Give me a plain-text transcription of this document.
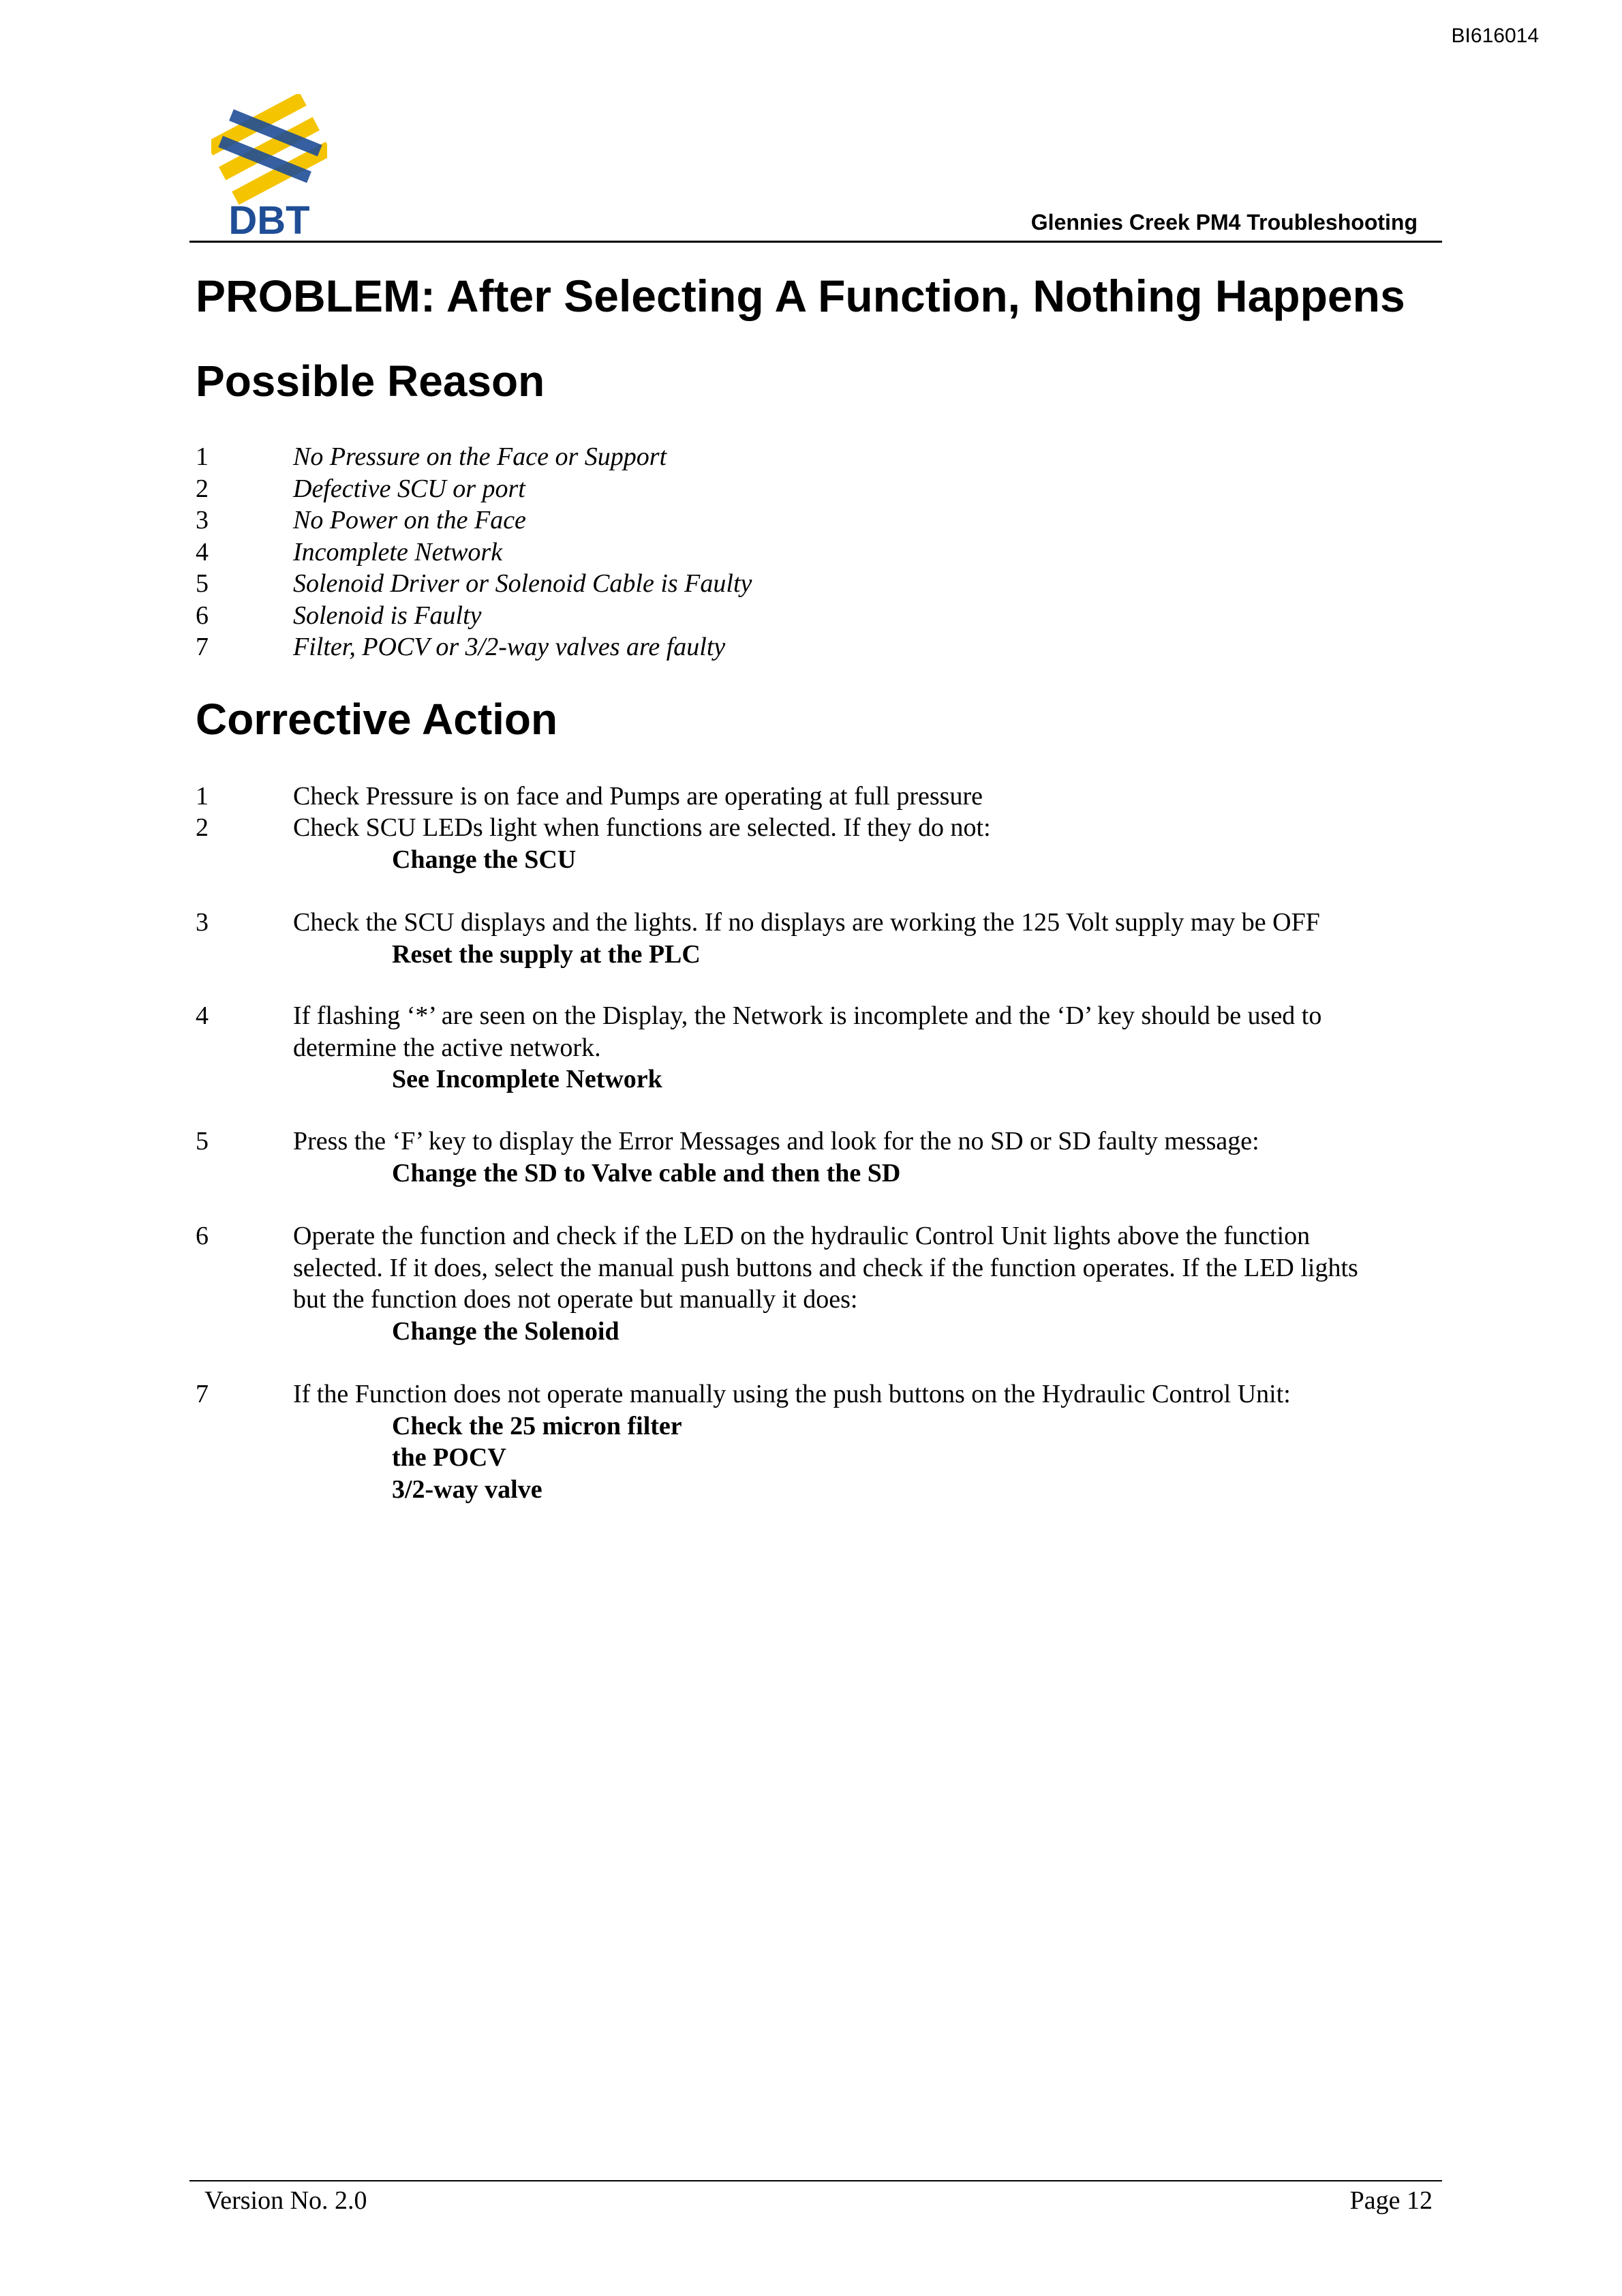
BI616014
DBT	Glennies Creek PM4 Troubleshooting
PROBLEM: After Selecting A Function, Nothing Happens
Possible Reason
1	No Pressure on the Face or Support
2	Defective SCU or port
3	No Power on the Face
4	Incomplete Network
5	Solenoid Driver or Solenoid Cable is Faulty
6	Solenoid is Faulty
7	Filter, POCV or 3/2-way valves are faulty
Corrective Action
1	Check Pressure is on face and Pumps are operating at full pressure
2	Check SCU LEDs light when functions are selected. If they do not:
Change the SCU
3	Check the SCU displays and the lights. If no displays are working the 125 Volt supply may be OFF
Reset the supply at the PLC
4	If flashing ‘*’ are seen on the Display, the Network is incomplete and the ‘D’ key should be used to
determine the active network.
See Incomplete Network
5	Press the ‘F’ key to display the Error Messages and look for the no SD or SD faulty message:
Change the SD to Valve cable and then the SD
6	Operate the function and check if the LED on the hydraulic Control Unit lights above the function
selected. If it does, select the manual push buttons and check if the function operates. If the LED lights
but the function does not operate but manually it does:
Change the Solenoid
7	If the Function does not operate manually using the push buttons on the Hydraulic Control Unit:
Check the 25 micron filter
the POCV
3/2-way valve
Version No. 2.0	Page 12
